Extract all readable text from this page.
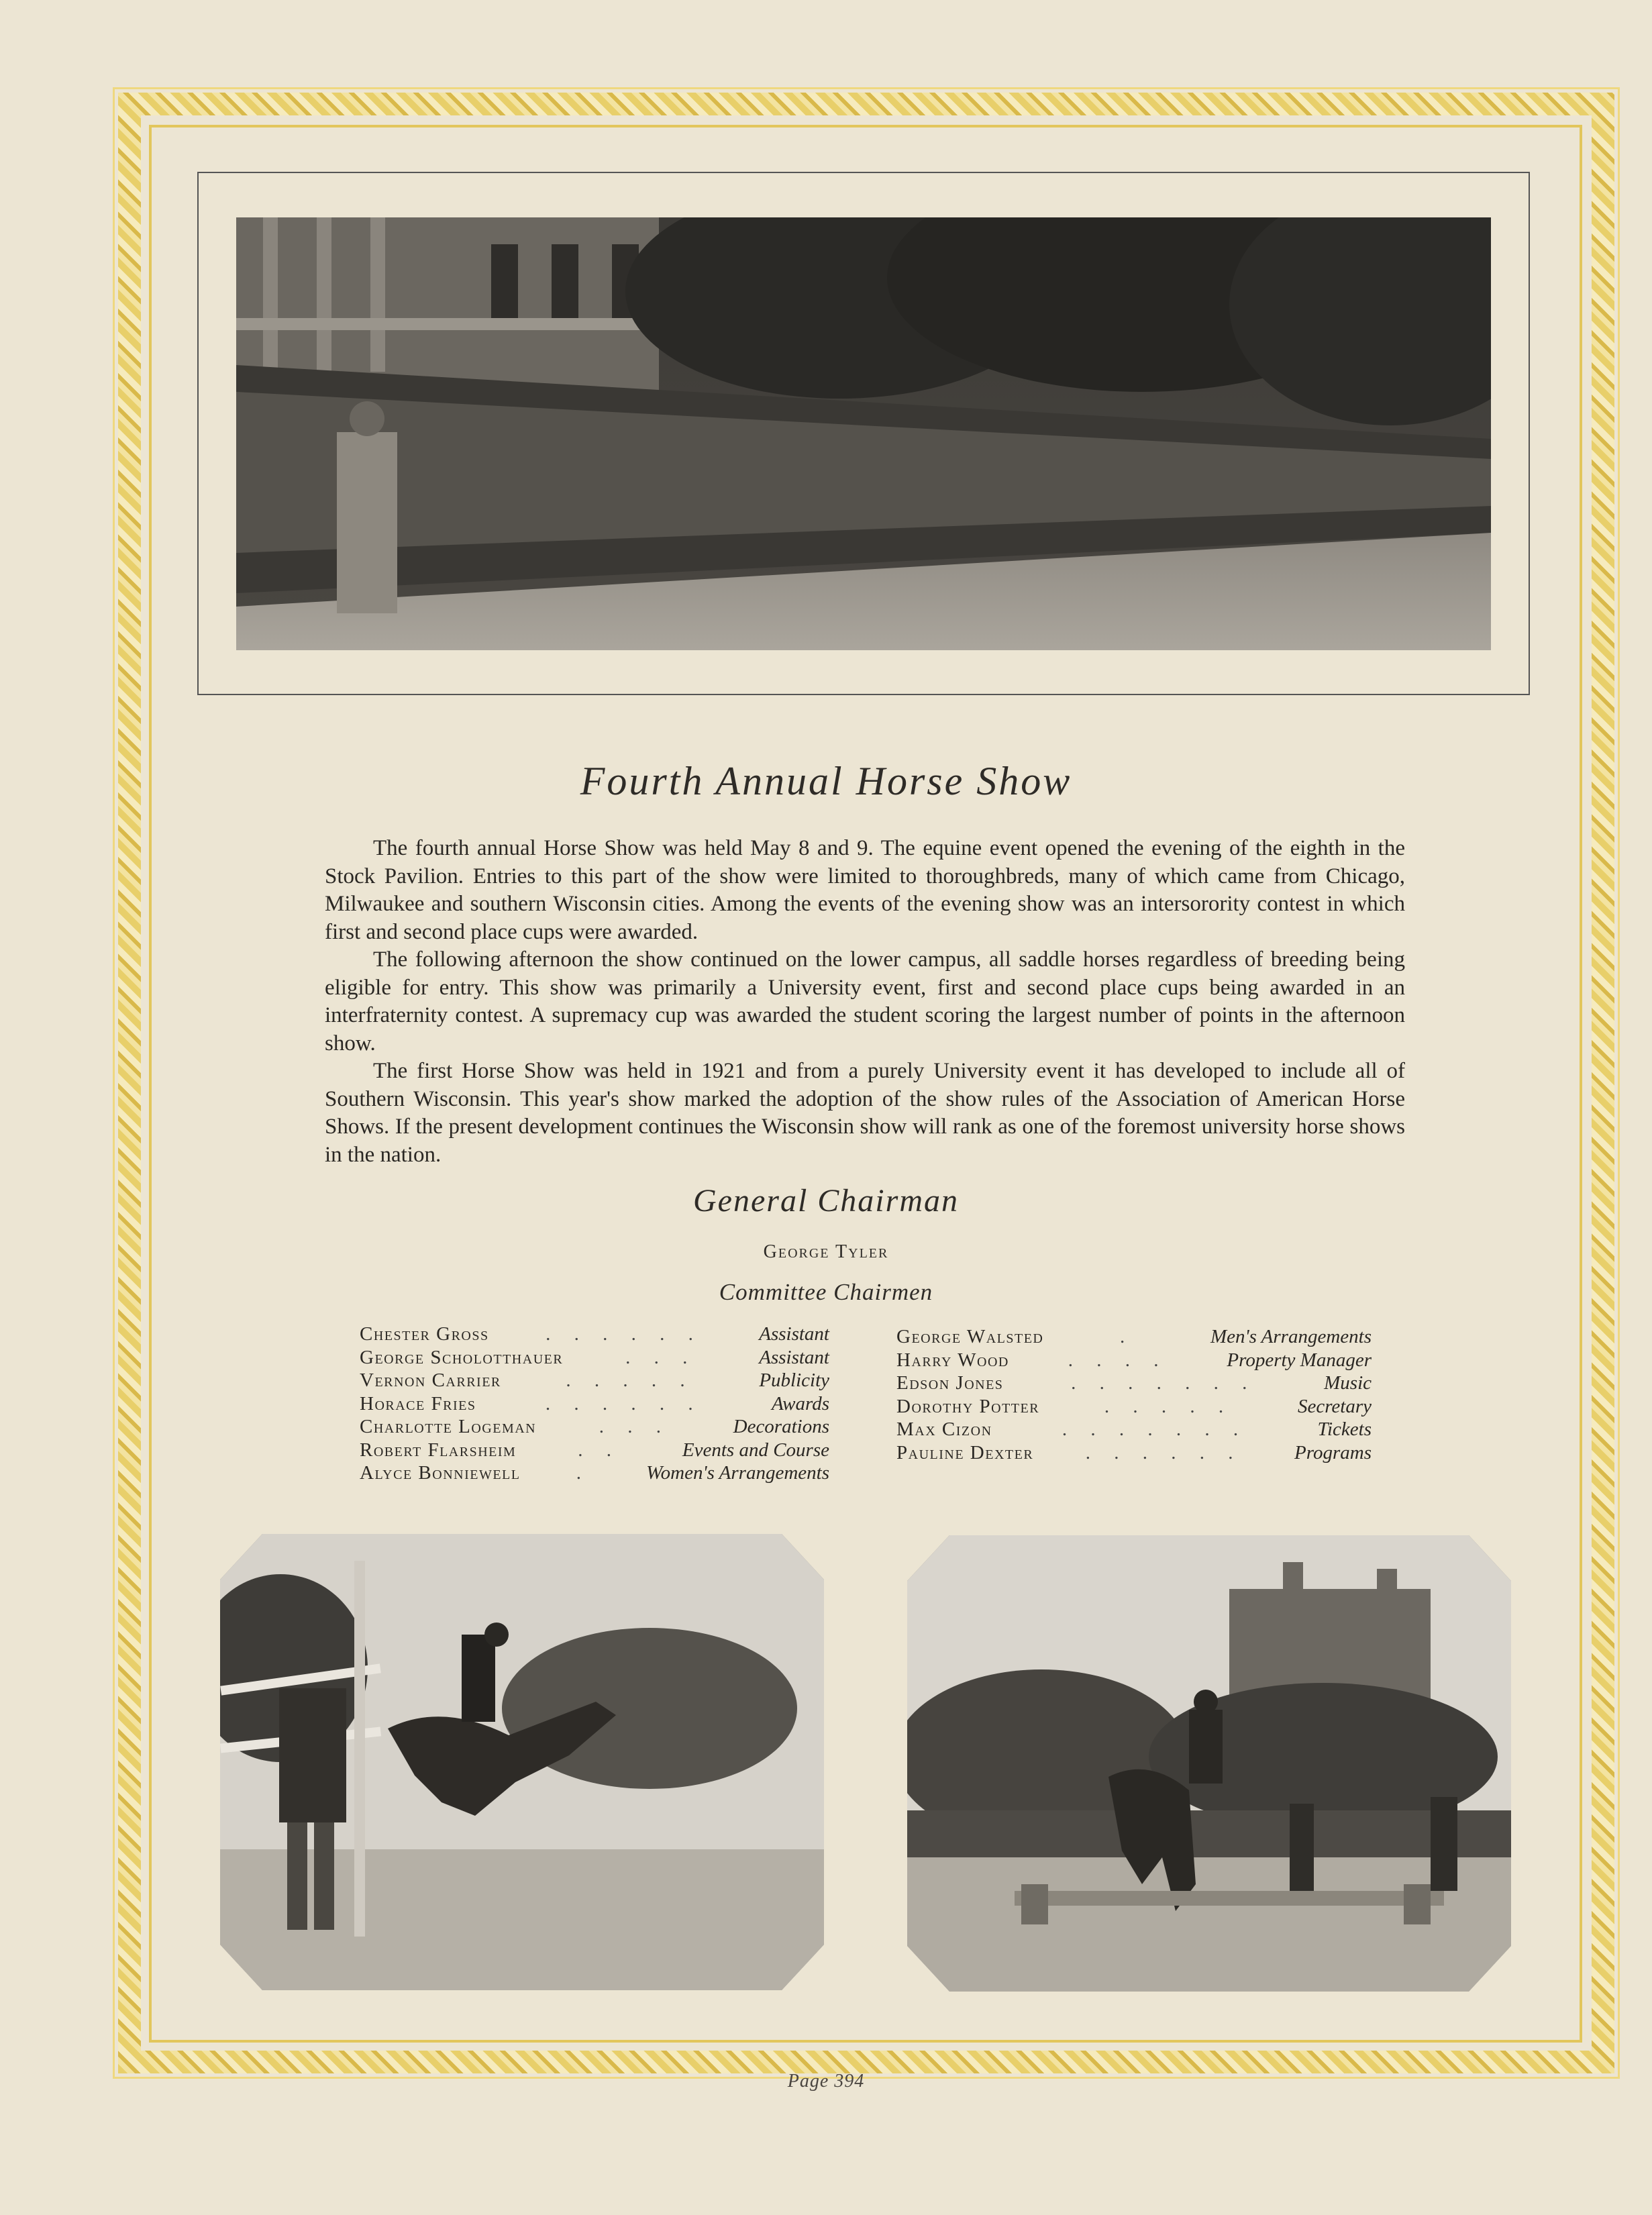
Fourth Annual Horse Show

The fourth annual Horse Show was held May 8 and 9. The equine event opened the evening of the eighth in the Stock Pavilion. Entries to this part of the show were limited to thoroughbreds, many of which came from Chicago, Milwaukee and southern Wisconsin cities. Among the events of the evening show was an intersorority contest in which first and second place cups were awarded.

The following afternoon the show continued on the lower campus, all saddle horses regardless of breeding being eligible for entry. This show was primarily a University event, first and second place cups being awarded in an interfraternity contest. A supremacy cup was awarded the student scoring the largest number of points in the afternoon show.

The first Horse Show was held in 1921 and from a purely University event it has developed to include all of Southern Wisconsin. This year's show marked the adoption of the show rules of the Association of American Horse Shows. If the present development continues the Wisconsin show will rank as one of the foremost university horse shows in the nation.

General Chairman
George Tyler
Committee Chairmen
Chester Gross	. . . . . .	Assistant
George Scholotthauer	. . .	Assistant
Vernon Carrier	. . . . .	Publicity
Horace Fries	. . . . . .	Awards
Charlotte Logeman	. . .	Decorations
Robert Flarsheim	. .	Events and Course
Alyce Bonniewell	.	Women's Arrangements
George Walsted	.	Men's Arrangements
Harry Wood	. . . .	Property Manager
Edson Jones	. . . . . . .	Music
Dorothy Potter	. . . . .	Secretary
Max Cizon	. . . . . . .	Tickets
Pauline Dexter	. . . . . .	Programs
Page 394
